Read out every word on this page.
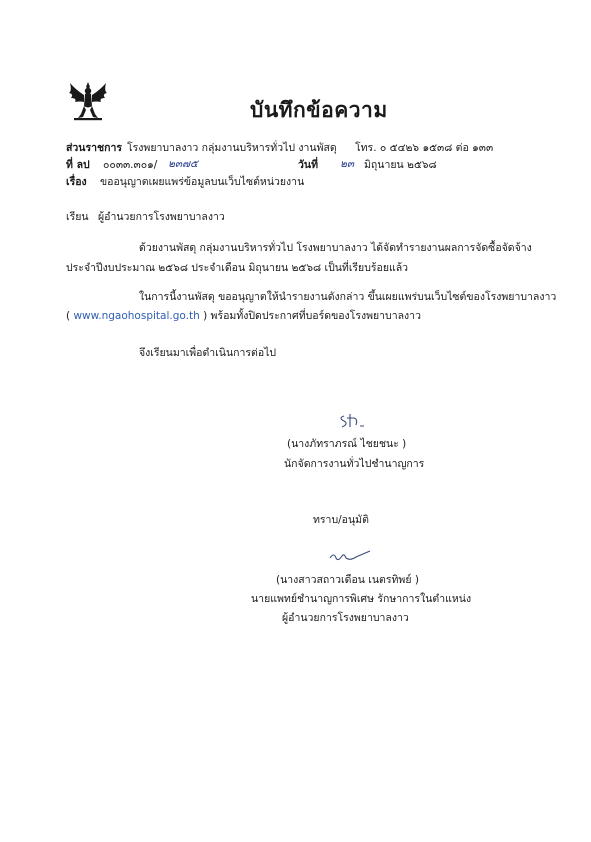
บันทึกข้อความ
ส่วนราชการ โรงพยาบาลงาว กลุ่มงานบริหารทั่วไป งานพัสดุ โทร. ๐ ๕๔๒๖ ๑๕๓๘ ต่อ ๑๓๓
ที่ ลป ๐๐๓๓.๓๐๑/ ๒๓๗๕	วันที่ ๒๓ มิถุนายน ๒๕๖๘
เรื่อง ขออนุญาตเผยแพร่ข้อมูลบนเว็บไซต์หน่วยงาน
เรียน ผู้อำนวยการโรงพยาบาลงาว
ด้วยงานพัสดุ กลุ่มงานบริหารทั่วไป โรงพยาบาลงาว ได้จัดทำรายงานผลการจัดซื้อจัดจ้าง
ประจำปีงบประมาณ ๒๕๖๘ ประจำเดือน มิถุนายน ๒๕๖๘ เป็นที่เรียบร้อยแล้ว
ในการนี้งานพัสดุ ขออนุญาตให้นำรายงานดังกล่าว ขึ้นเผยแพร่บนเว็บไซต์ของโรงพยาบาลงาว
( www.ngaohospital.go.th ) พร้อมทั้งปิดประกาศที่บอร์ดของโรงพยาบาลงาว
จึงเรียนมาเพื่อดำเนินการต่อไป
(นางภัทราภรณ์ ไชยชนะ )
นักจัดการงานทั่วไปชำนาญการ
ทราบ/อนุมัติ
(นางสาวสถาวเดือน เนตรทิพย์ )
นายแพทย์ชำนาญการพิเศษ รักษาการในตำแหน่ง
ผู้อำนวยการโรงพยาบาลงาว
